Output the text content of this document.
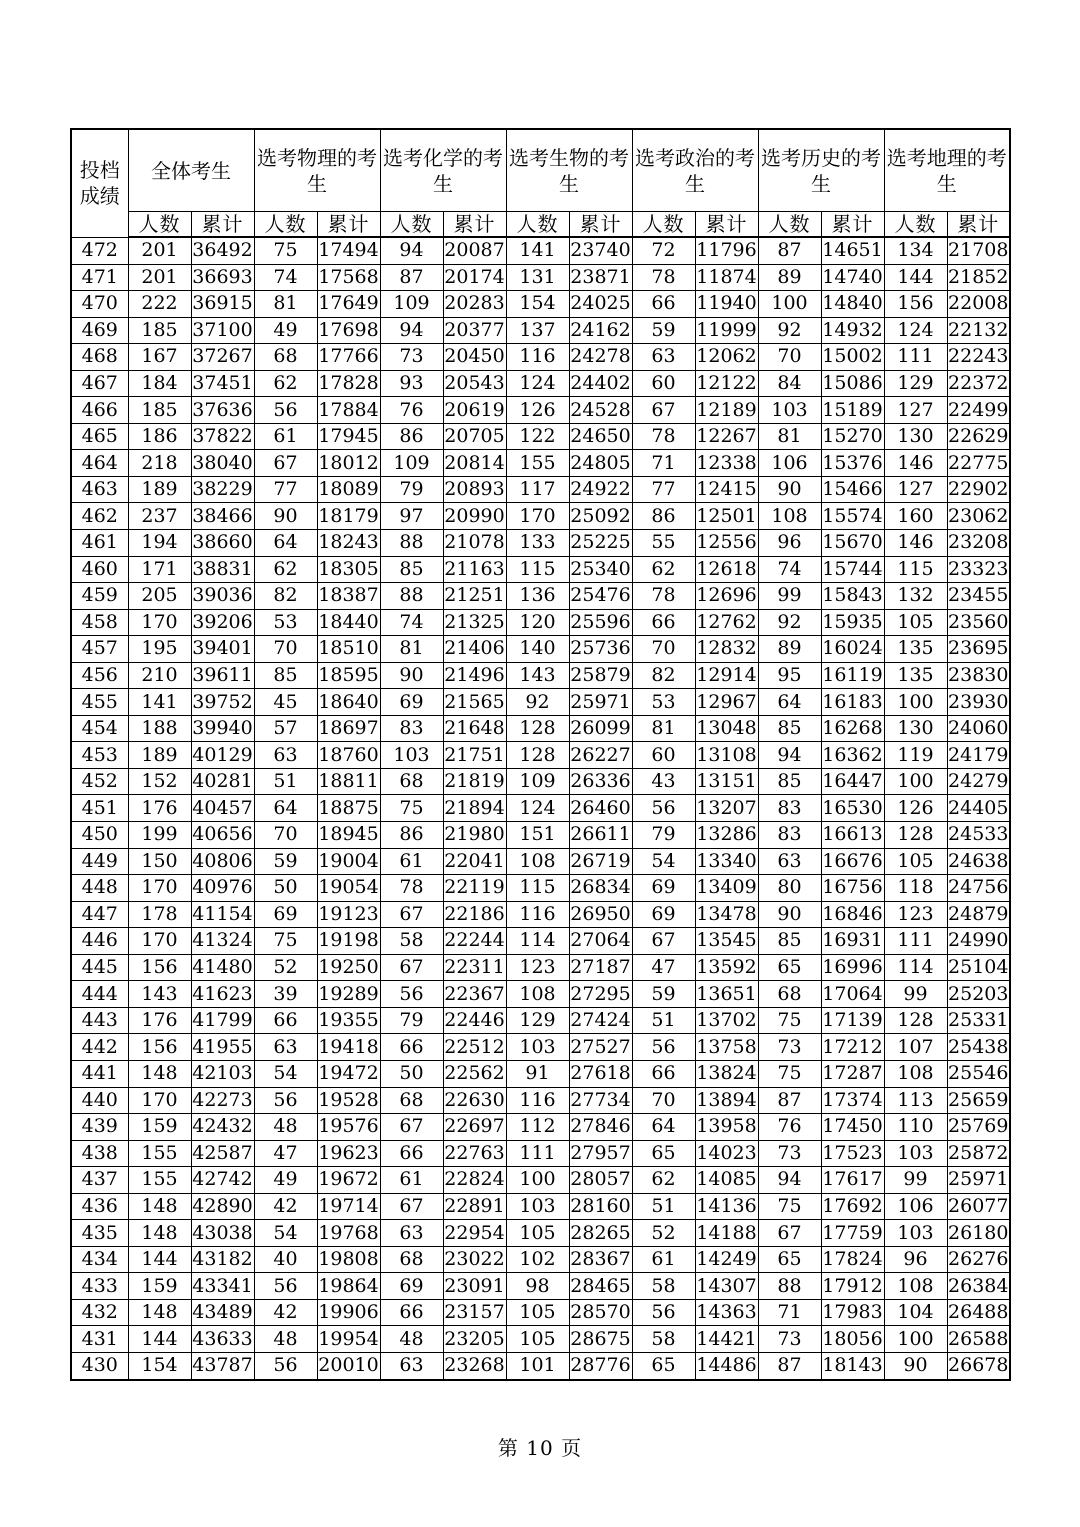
投档成绩	全体考生		选考物理的考生		选考化学的考生		选考生物的考生		选考政治的考生		选考历史的考生		选考地理的考生	
	人数	累计	人数	累计	人数	累计	人数	累计	人数	累计	人数	累计	人数	累计
472	201	36492	75	17494	94	20087	141	23740	72	11796	87	14651	134	21708
471	201	36693	74	17568	87	20174	131	23871	78	11874	89	14740	144	21852
470	222	36915	81	17649	109	20283	154	24025	66	11940	100	14840	156	22008
469	185	37100	49	17698	94	20377	137	24162	59	11999	92	14932	124	22132
468	167	37267	68	17766	73	20450	116	24278	63	12062	70	15002	111	22243
467	184	37451	62	17828	93	20543	124	24402	60	12122	84	15086	129	22372
466	185	37636	56	17884	76	20619	126	24528	67	12189	103	15189	127	22499
465	186	37822	61	17945	86	20705	122	24650	78	12267	81	15270	130	22629
464	218	38040	67	18012	109	20814	155	24805	71	12338	106	15376	146	22775
463	189	38229	77	18089	79	20893	117	24922	77	12415	90	15466	127	22902
462	237	38466	90	18179	97	20990	170	25092	86	12501	108	15574	160	23062
461	194	38660	64	18243	88	21078	133	25225	55	12556	96	15670	146	23208
460	171	38831	62	18305	85	21163	115	25340	62	12618	74	15744	115	23323
459	205	39036	82	18387	88	21251	136	25476	78	12696	99	15843	132	23455
458	170	39206	53	18440	74	21325	120	25596	66	12762	92	15935	105	23560
457	195	39401	70	18510	81	21406	140	25736	70	12832	89	16024	135	23695
456	210	39611	85	18595	90	21496	143	25879	82	12914	95	16119	135	23830
455	141	39752	45	18640	69	21565	92	25971	53	12967	64	16183	100	23930
454	188	39940	57	18697	83	21648	128	26099	81	13048	85	16268	130	24060
453	189	40129	63	18760	103	21751	128	26227	60	13108	94	16362	119	24179
452	152	40281	51	18811	68	21819	109	26336	43	13151	85	16447	100	24279
451	176	40457	64	18875	75	21894	124	26460	56	13207	83	16530	126	24405
450	199	40656	70	18945	86	21980	151	26611	79	13286	83	16613	128	24533
449	150	40806	59	19004	61	22041	108	26719	54	13340	63	16676	105	24638
448	170	40976	50	19054	78	22119	115	26834	69	13409	80	16756	118	24756
447	178	41154	69	19123	67	22186	116	26950	69	13478	90	16846	123	24879
446	170	41324	75	19198	58	22244	114	27064	67	13545	85	16931	111	24990
445	156	41480	52	19250	67	22311	123	27187	47	13592	65	16996	114	25104
444	143	41623	39	19289	56	22367	108	27295	59	13651	68	17064	99	25203
443	176	41799	66	19355	79	22446	129	27424	51	13702	75	17139	128	25331
442	156	41955	63	19418	66	22512	103	27527	56	13758	73	17212	107	25438
441	148	42103	54	19472	50	22562	91	27618	66	13824	75	17287	108	25546
440	170	42273	56	19528	68	22630	116	27734	70	13894	87	17374	113	25659
439	159	42432	48	19576	67	22697	112	27846	64	13958	76	17450	110	25769
438	155	42587	47	19623	66	22763	111	27957	65	14023	73	17523	103	25872
437	155	42742	49	19672	61	22824	100	28057	62	14085	94	17617	99	25971
436	148	42890	42	19714	67	22891	103	28160	51	14136	75	17692	106	26077
435	148	43038	54	19768	63	22954	105	28265	52	14188	67	17759	103	26180
434	144	43182	40	19808	68	23022	102	28367	61	14249	65	17824	96	26276
433	159	43341	56	19864	69	23091	98	28465	58	14307	88	17912	108	26384
432	148	43489	42	19906	66	23157	105	28570	56	14363	71	17983	104	26488
431	144	43633	48	19954	48	23205	105	28675	58	14421	73	18056	100	26588
430	154	43787	56	20010	63	23268	101	28776	65	14486	87	18143	90	26678
第 10 页
